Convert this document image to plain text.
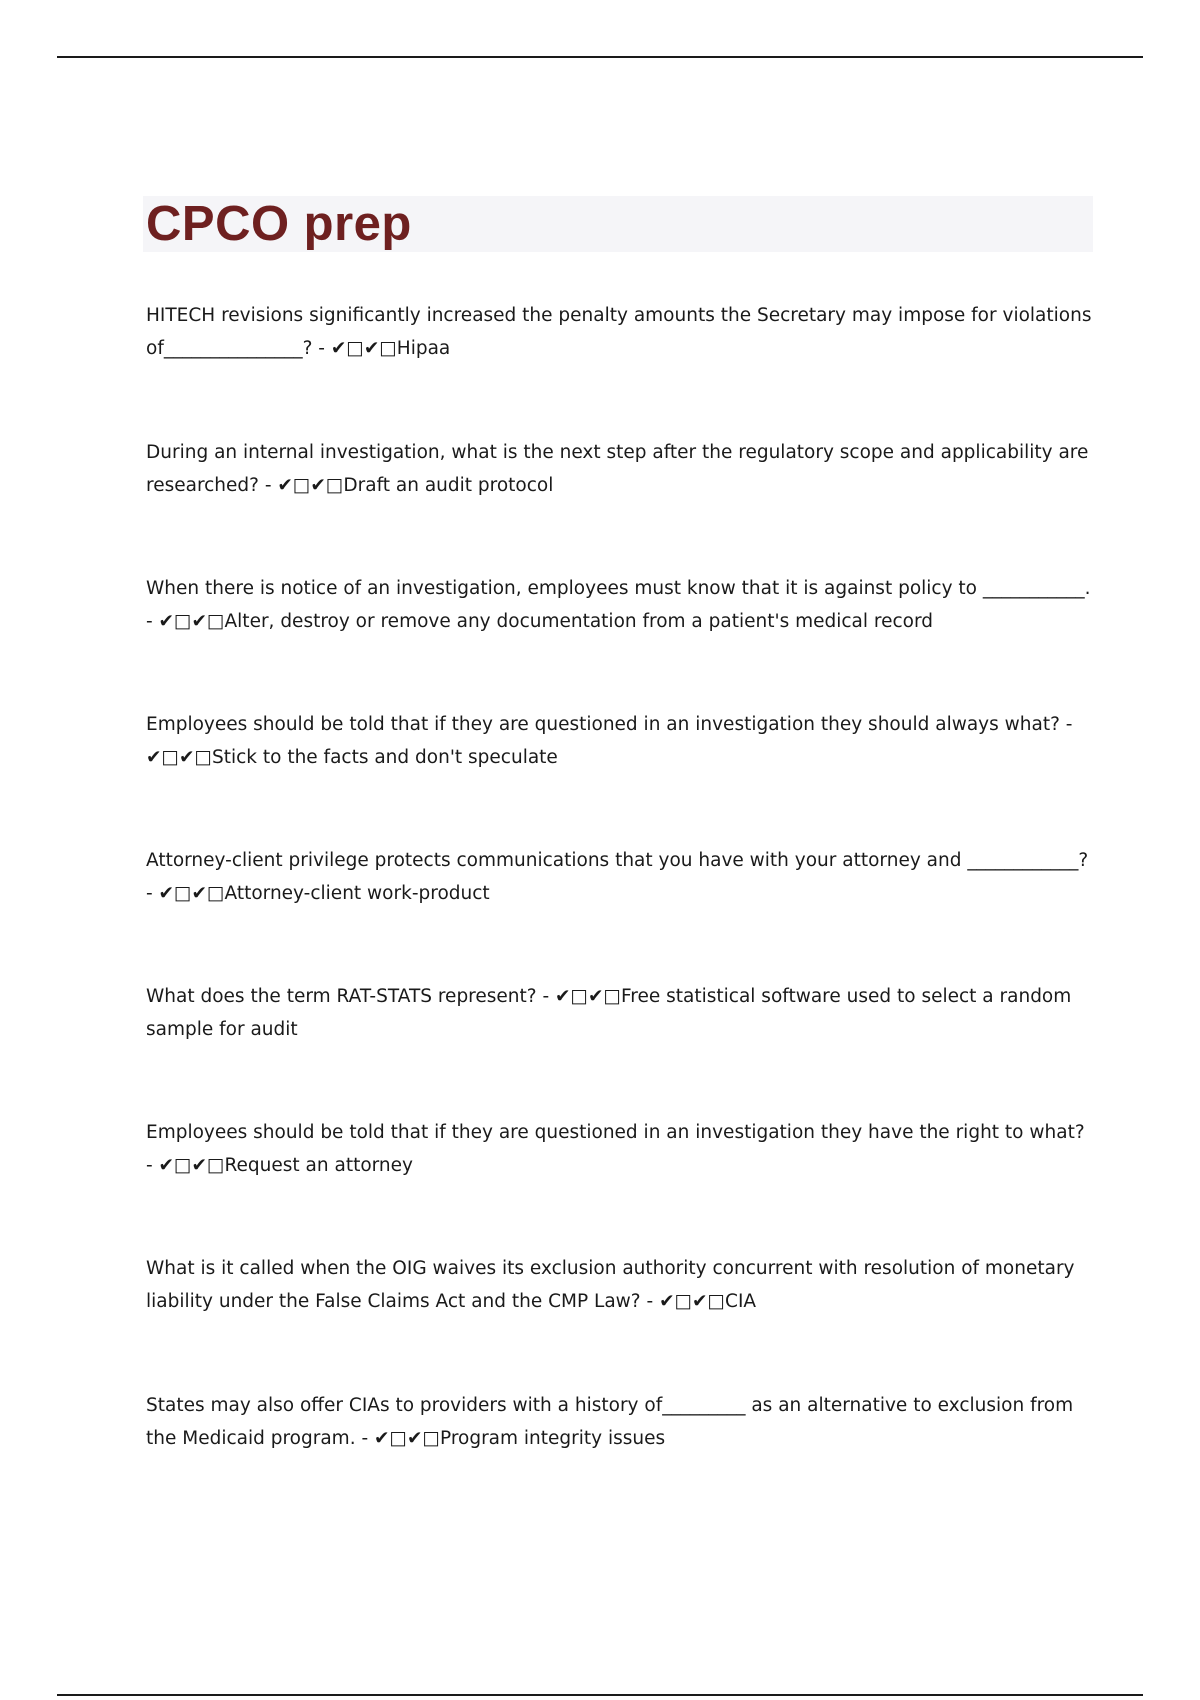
CPCO prep

HITECH revisions significantly increased the penalty amounts the Secretary may impose for violations of_______________? - ✔□✔□Hipaa

During an internal investigation, what is the next step after the regulatory scope and applicability are researched? - ✔□✔□Draft an audit protocol

When there is notice of an investigation, employees must know that it is against policy to ___________. - ✔□✔□Alter, destroy or remove any documentation from a patient's medical record

Employees should be told that if they are questioned in an investigation they should always what? - ✔□✔□Stick to the facts and don't speculate

Attorney-client privilege protects communications that you have with your attorney and ____________? - ✔□✔□Attorney-client work-product

What does the term RAT-STATS represent? - ✔□✔□Free statistical software used to select a random sample for audit

Employees should be told that if they are questioned in an investigation they have the right to what? - ✔□✔□Request an attorney

What is it called when the OIG waives its exclusion authority concurrent with resolution of monetary liability under the False Claims Act and the CMP Law? - ✔□✔□CIA

States may also offer CIAs to providers with a history of_________ as an alternative to exclusion from the Medicaid program. - ✔□✔□Program integrity issues
